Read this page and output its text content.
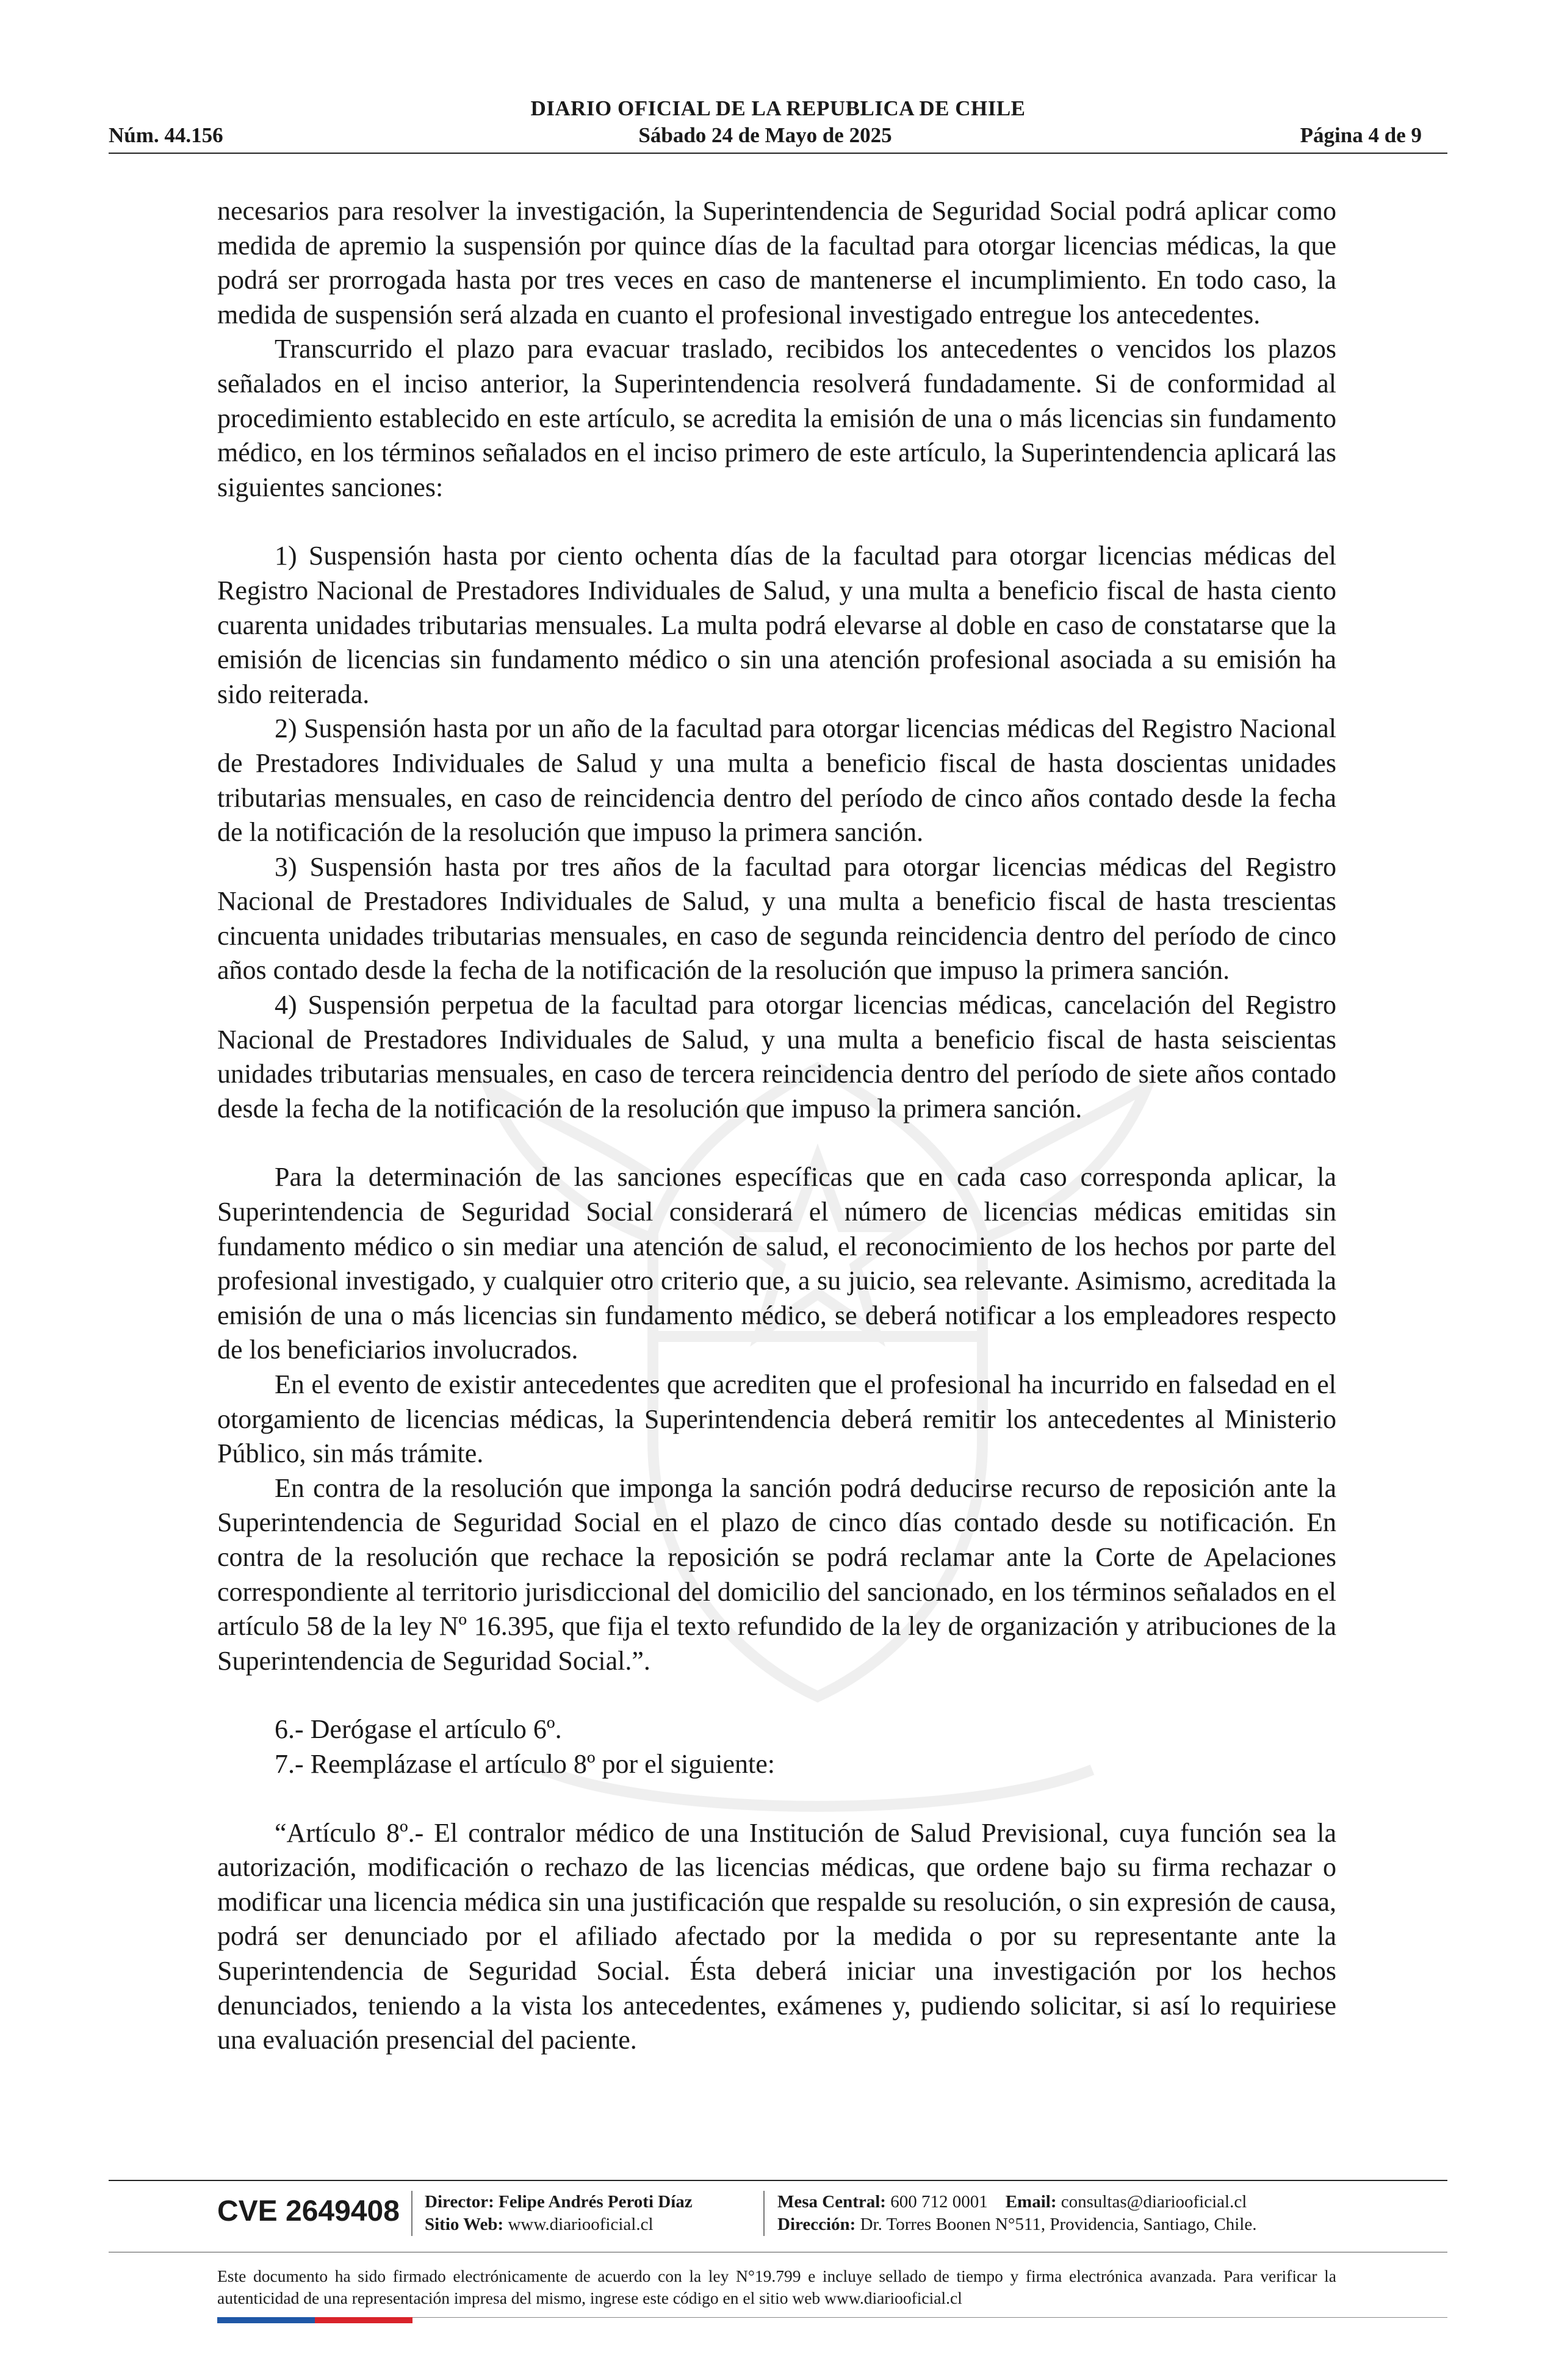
DIARIO OFICIAL DE LA REPUBLICA DE CHILE
Núm. 44.156	Sábado 24 de Mayo de 2025	Página 4 de 9

necesarios para resolver la investigación, la Superintendencia de Seguridad Social podrá aplicar como medida de apremio la suspensión por quince días de la facultad para otorgar licencias médicas, la que podrá ser prorrogada hasta por tres veces en caso de mantenerse el incumplimiento. En todo caso, la medida de suspensión será alzada en cuanto el profesional investigado entregue los antecedentes.

Transcurrido el plazo para evacuar traslado, recibidos los antecedentes o vencidos los plazos señalados en el inciso anterior, la Superintendencia resolverá fundadamente. Si de conformidad al procedimiento establecido en este artículo, se acredita la emisión de una o más licencias sin fundamento médico, en los términos señalados en el inciso primero de este artículo, la Superintendencia aplicará las siguientes sanciones:

1) Suspensión hasta por ciento ochenta días de la facultad para otorgar licencias médicas del Registro Nacional de Prestadores Individuales de Salud, y una multa a beneficio fiscal de hasta ciento cuarenta unidades tributarias mensuales. La multa podrá elevarse al doble en caso de constatarse que la emisión de licencias sin fundamento médico o sin una atención profesional asociada a su emisión ha sido reiterada.

2) Suspensión hasta por un año de la facultad para otorgar licencias médicas del Registro Nacional de Prestadores Individuales de Salud y una multa a beneficio fiscal de hasta doscientas unidades tributarias mensuales, en caso de reincidencia dentro del período de cinco años contado desde la fecha de la notificación de la resolución que impuso la primera sanción.

3) Suspensión hasta por tres años de la facultad para otorgar licencias médicas del Registro Nacional de Prestadores Individuales de Salud, y una multa a beneficio fiscal de hasta trescientas cincuenta unidades tributarias mensuales, en caso de segunda reincidencia dentro del período de cinco años contado desde la fecha de la notificación de la resolución que impuso la primera sanción.

4) Suspensión perpetua de la facultad para otorgar licencias médicas, cancelación del Registro Nacional de Prestadores Individuales de Salud, y una multa a beneficio fiscal de hasta seiscientas unidades tributarias mensuales, en caso de tercera reincidencia dentro del período de siete años contado desde la fecha de la notificación de la resolución que impuso la primera sanción.

Para la determinación de las sanciones específicas que en cada caso corresponda aplicar, la Superintendencia de Seguridad Social considerará el número de licencias médicas emitidas sin fundamento médico o sin mediar una atención de salud, el reconocimiento de los hechos por parte del profesional investigado, y cualquier otro criterio que, a su juicio, sea relevante. Asimismo, acreditada la emisión de una o más licencias sin fundamento médico, se deberá notificar a los empleadores respecto de los beneficiarios involucrados.

En el evento de existir antecedentes que acrediten que el profesional ha incurrido en falsedad en el otorgamiento de licencias médicas, la Superintendencia deberá remitir los antecedentes al Ministerio Público, sin más trámite.

En contra de la resolución que imponga la sanción podrá deducirse recurso de reposición ante la Superintendencia de Seguridad Social en el plazo de cinco días contado desde su notificación. En contra de la resolución que rechace la reposición se podrá reclamar ante la Corte de Apelaciones correspondiente al territorio jurisdiccional del domicilio del sancionado, en los términos señalados en el artículo 58 de la ley Nº 16.395, que fija el texto refundido de la ley de organización y atribuciones de la Superintendencia de Seguridad Social.”.

6.- Derógase el artículo 6º.

7.- Reemplázase el artículo 8º por el siguiente:

“Artículo 8º.- El contralor médico de una Institución de Salud Previsional, cuya función sea la autorización, modificación o rechazo de las licencias médicas, que ordene bajo su firma rechazar o modificar una licencia médica sin una justificación que respalde su resolución, o sin expresión de causa, podrá ser denunciado por el afiliado afectado por la medida o por su representante ante la Superintendencia de Seguridad Social. Ésta deberá iniciar una investigación por los hechos denunciados, teniendo a la vista los antecedentes, exámenes y, pudiendo solicitar, si así lo requiriese una evaluación presencial del paciente.

CVE 2649408 Director: Felipe Andrés Peroti Díaz
Sitio Web: www.diariooficial.cl
Mesa Central: 600 712 0001 Email: consultas@diariooficial.cl
Dirección: Dr. Torres Boonen N°511, Providencia, Santiago, Chile.
Este documento ha sido firmado electrónicamente de acuerdo con la ley N°19.799 e incluye sellado de tiempo y firma electrónica avanzada. Para verificar la autenticidad de una representación impresa del mismo, ingrese este código en el sitio web www.diariooficial.cl
